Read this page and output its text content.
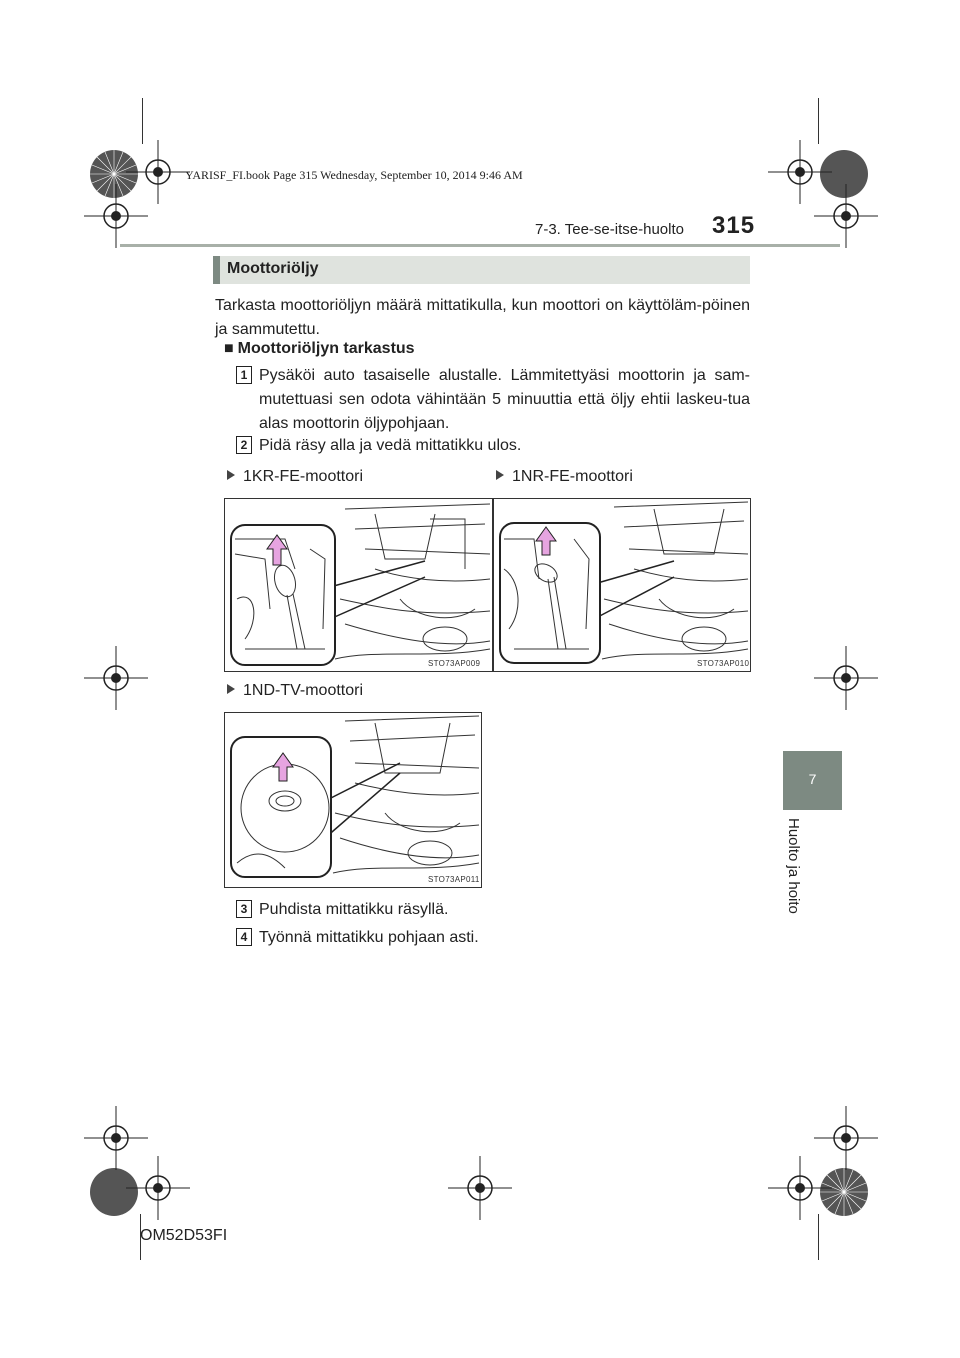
YARISF_FI.book Page 315 Wednesday, September 10, 2014 9:46 AM
7-3. Tee-se-itse-huolto 315
7
Huolto ja hoito
Moottoriöljy
Tarkasta moottoriöljyn määrä mittatikulla, kun moottori on käyttöläm-pöinen ja sammutettu.
■ Moottoriöljyn tarkastus
1 Pysäköi auto tasaiselle alustalle. Lämmitettyäsi moottorin ja sam-mutettuasi sen odota vähintään 5 minuuttia että öljy ehtii laskeu-tua alas moottorin öljypohjaan.
2 Pidä räsy alla ja vedä mittatikku ulos.
1KR-FE-moottori	1NR-FE-moottori
STO73AP009	STO73AP010
1ND-TV-moottori
STO73AP011
3 Puhdista mittatikku räsyllä.
4 Työnnä mittatikku pohjaan asti.
OM52D53FI
